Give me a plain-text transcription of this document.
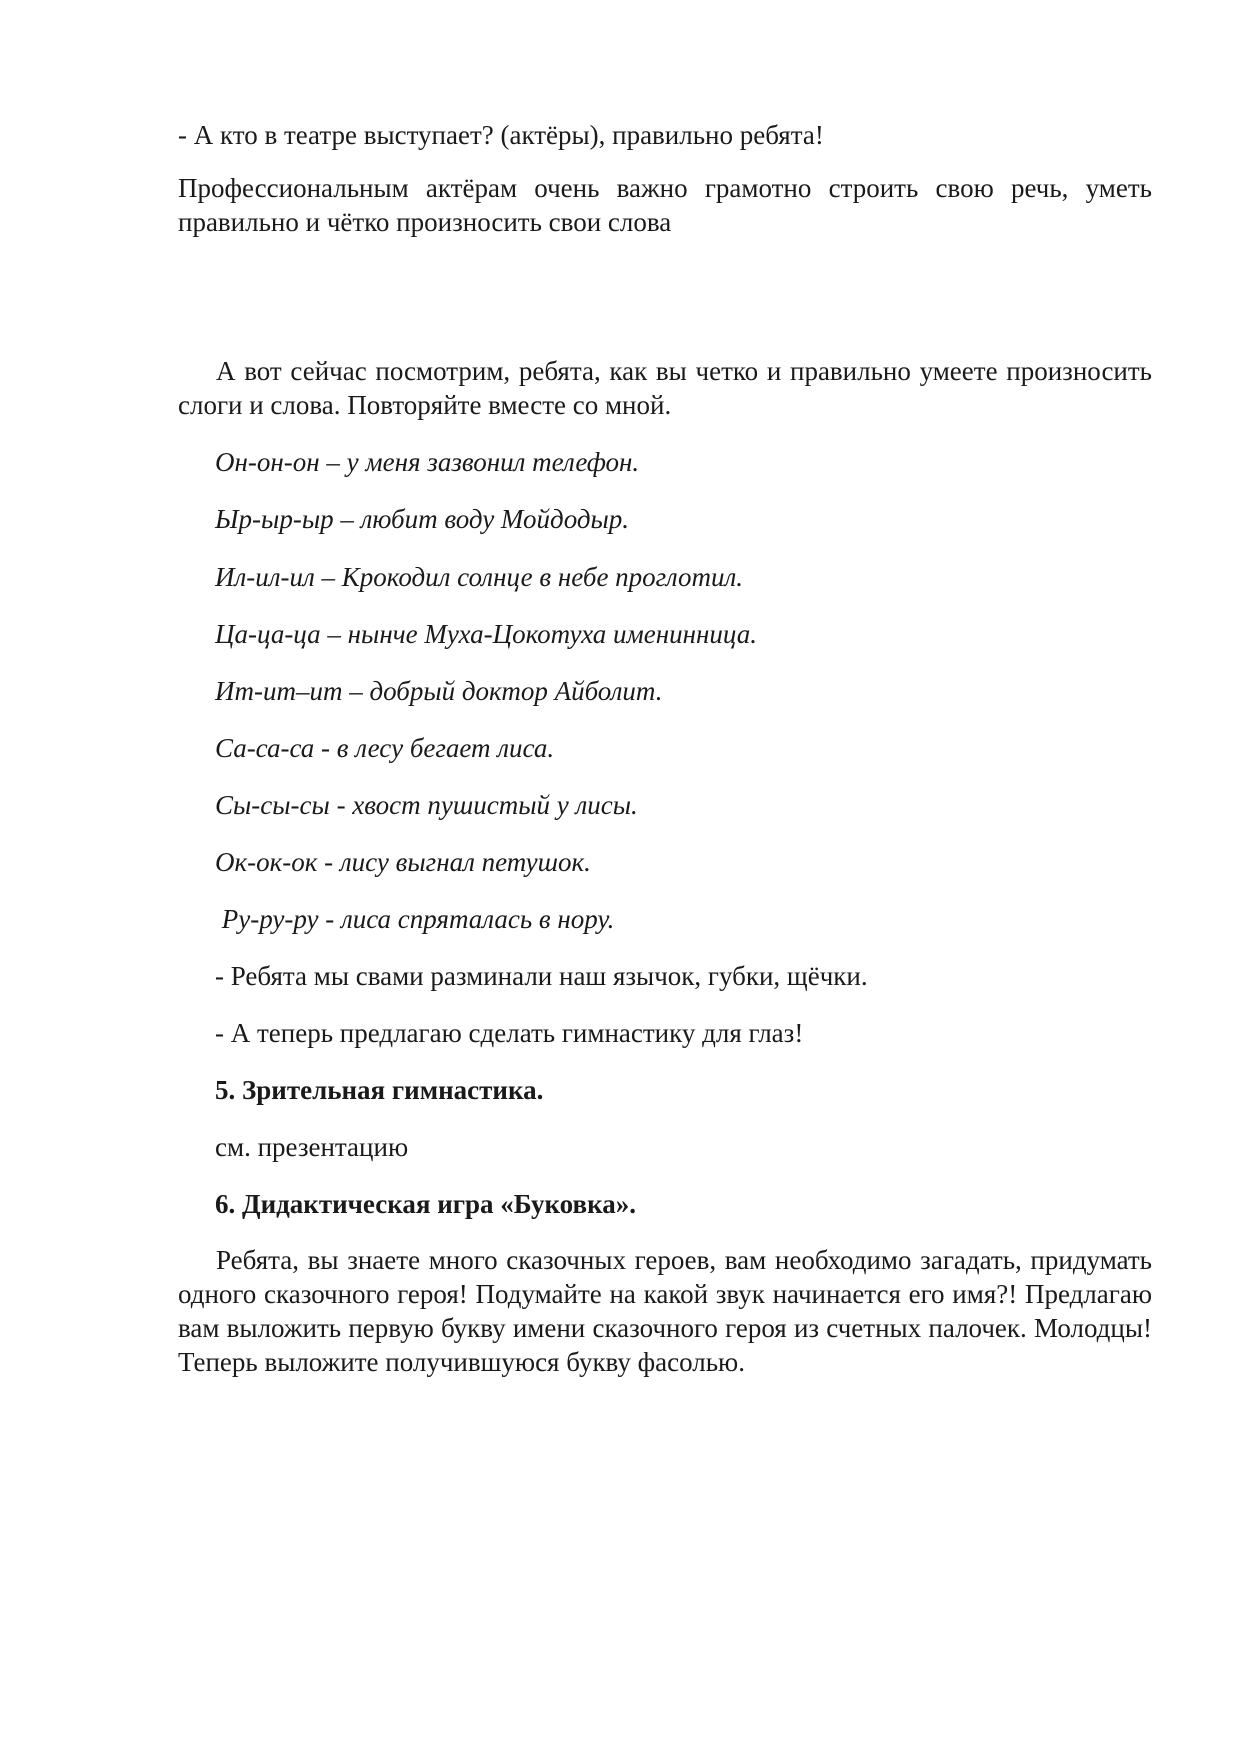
- А кто в театре выступает? (актёры), правильно ребята!

Профессиональным актёрам очень важно грамотно строить свою речь, уметь правильно и чётко произносить свои слова

А вот сейчас посмотрим, ребята, как вы четко и правильно умеете произносить слоги и слова. Повторяйте вместе со мной.

Он-он-он – у меня зазвонил телефон.

Ыр-ыр-ыр – любит воду Мойдодыр.

Ил-ил-ил – Крокодил солнце в небе проглотил.

Ца-ца-ца – нынче Муха-Цокотуха именинница.

Ит-ит–ит – добрый доктор Айболит.

Са-са-са - в лесу бегает лиса.

Сы-сы-сы - хвост пушистый у лисы.

Ок-ок-ок - лису выгнал петушок.

Ру-ру-ру - лиса спряталась в нору.

- Ребята мы свами разминали наш язычок, губки, щёчки.

- А теперь предлагаю сделать гимнастику для глаз!

5. Зрительная гимнастика.

см. презентацию

6. Дидактическая игра «Буковка».

Ребята, вы знаете много сказочных героев, вам необходимо загадать, придумать одного сказочного героя! Подумайте на какой звук начинается его имя?! Предлагаю вам выложить первую букву имени сказочного героя из счетных палочек. Молодцы! Теперь выложите получившуюся букву фасолью.
